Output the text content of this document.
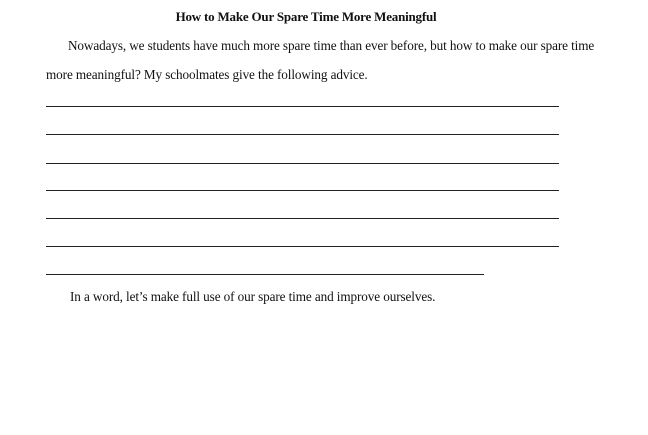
How to Make Our Spare Time More Meaningful
Nowadays, we students have much more spare time than ever before, but how to make our spare time
more meaningful? My schoolmates give the following advice.
In a word, let’s make full use of our spare time and improve ourselves.
